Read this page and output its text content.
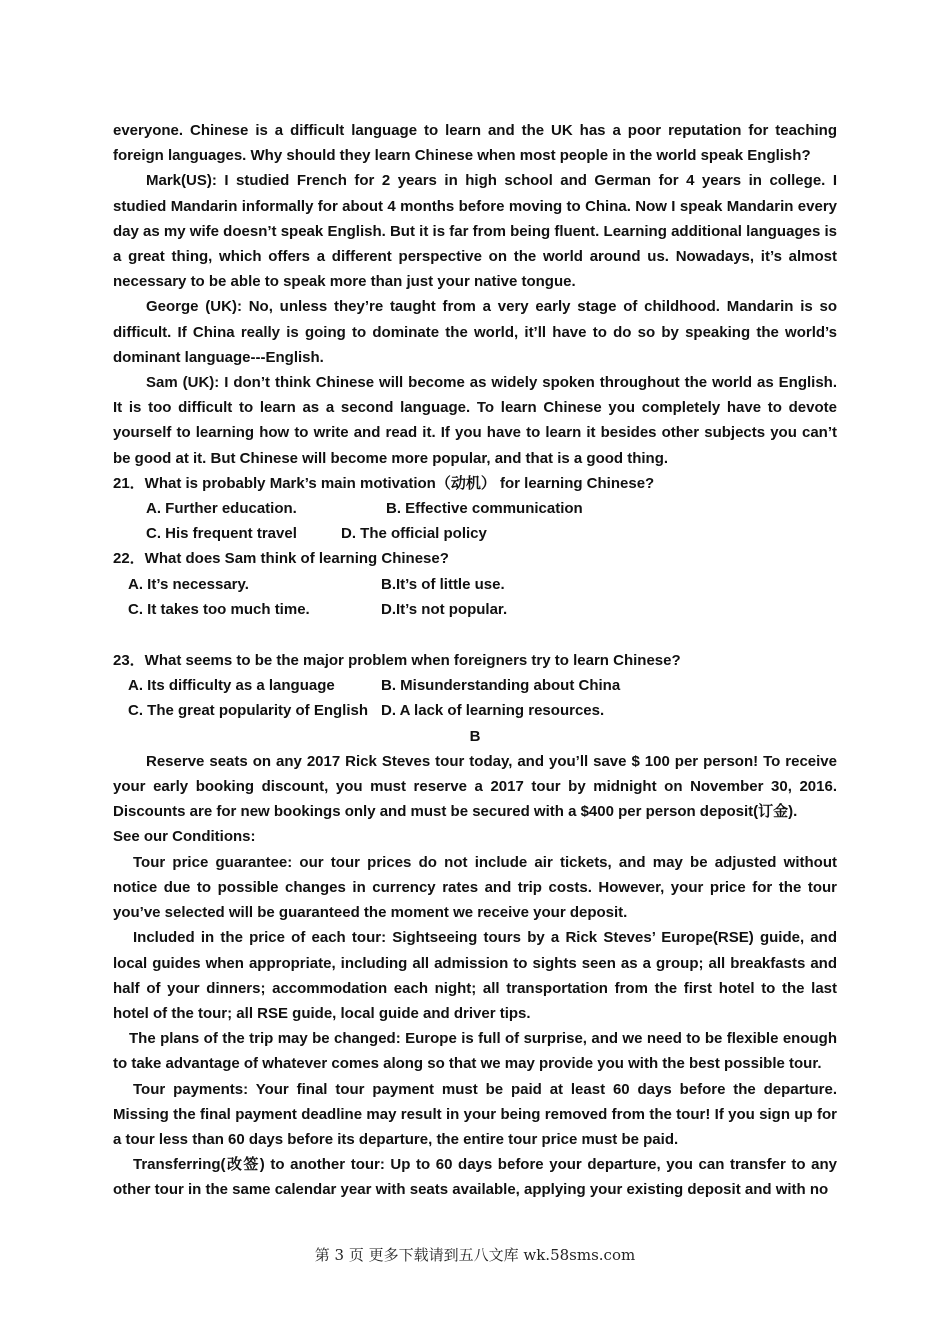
everyone. Chinese is a difficult language to learn and the UK has a poor reputation for teaching foreign languages. Why should they learn Chinese when most people in the world speak English?

Mark(US): I studied French for 2 years in high school and German for 4 years in college. I studied Mandarin informally for about 4 months before moving to China. Now I speak Mandarin every day as my wife doesn’t speak English. But it is far from being fluent. Learning additional languages is a great thing, which offers a different perspective on the world around us. Nowadays, it’s almost necessary to be able to speak more than just your native tongue.

George (UK): No, unless they’re taught from a very early stage of childhood. Mandarin is so difficult. If China really is going to dominate the world, it’ll have to do so by speaking the world’s dominant language---English.

Sam (UK): I don’t think Chinese will become as widely spoken throughout the world as English. It is too difficult to learn as a second language. To learn Chinese you completely have to devote yourself to learning how to write and read it. If you have to learn it besides other subjects you can’t be good at it. But Chinese will become more popular, and that is a good thing.

21．What is probably Mark’s main motivation（动机） for learning Chinese?

A. Further education.	B. Effective communication
C. His frequent travel	D. The official policy

22．What does Sam think of learning Chinese?

A. It’s necessary.	B.It’s of little use.
C. It takes too much time.	D.It’s not popular.

23．What seems to be the major problem when foreigners try to learn Chinese?

A. Its difficulty as a language	B. Misunderstanding about China
C. The great popularity of English D. A lack of learning resources.

B

Reserve seats on any 2017 Rick Steves tour today, and you’ll save $ 100 per person! To receive your early booking discount, you must reserve a 2017 tour by midnight on November 30, 2016. Discounts are for new bookings only and must be secured with a $400 per person deposit(订金).

See our Conditions:

Tour price guarantee: our tour prices do not include air tickets, and may be adjusted without notice due to possible changes in currency rates and trip costs. However, your price for the tour you’ve selected will be guaranteed the moment we receive your deposit.

Included in the price of each tour: Sightseeing tours by a Rick Steves’ Europe(RSE) guide, and local guides when appropriate, including all admission to sights seen as a group; all breakfasts and half of your dinners; accommodation each night; all transportation from the first hotel to the last hotel of the tour; all RSE guide, local guide and driver tips.

The plans of the trip may be changed: Europe is full of surprise, and we need to be flexible enough to take advantage of whatever comes along so that we may provide you with the best possible tour.

Tour payments: Your final tour payment must be paid at least 60 days before the departure. Missing the final payment deadline may result in your being removed from the tour! If you sign up for a tour less than 60 days before its departure, the entire tour price must be paid.

Transferring(改签) to another tour: Up to 60 days before your departure, you can transfer to any other tour in the same calendar year with seats available, applying your existing deposit and with no

第 3 页 更多下载请到五八文库 wk.58sms.com
